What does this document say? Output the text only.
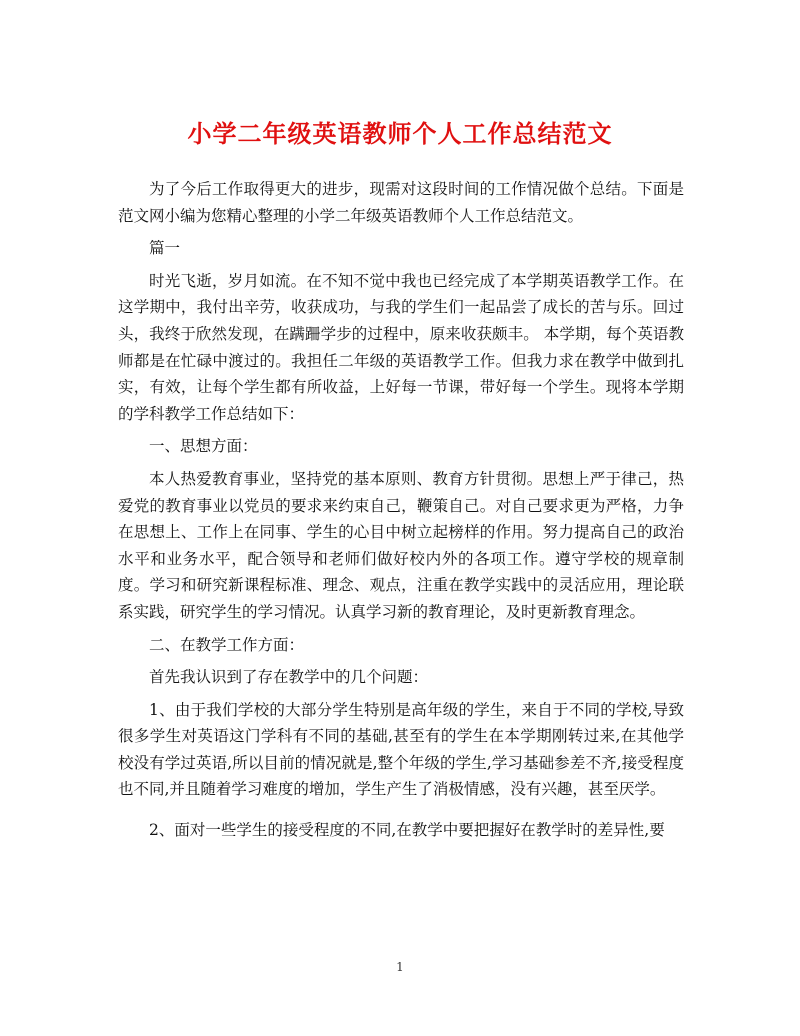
小学二年级英语教师个人工作总结范文

为了今后工作取得更大的进步，现需对这段时间的工作情况做个总结。下面是范文网小编为您精心整理的小学二年级英语教师个人工作总结范文。

篇一

时光飞逝，岁月如流。在不知不觉中我也已经完成了本学期英语教学工作。在这学期中，我付出辛劳，收获成功，与我的学生们一起品尝了成长的苦与乐。回过头，我终于欣然发现，在蹒跚学步的过程中，原来收获颇丰。 本学期，每个英语教师都是在忙碌中渡过的。我担任二年级的英语教学工作。但我力求在教学中做到扎实，有效，让每个学生都有所收益，上好每一节课，带好每一个学生。现将本学期的学科教学工作总结如下：

一、思想方面：

本人热爱教育事业，坚持党的基本原则、教育方针贯彻。思想上严于律己，热爱党的教育事业以党员的要求来约束自己，鞭策自己。对自己要求更为严格，力争在思想上、工作上在同事、学生的心目中树立起榜样的作用。努力提高自己的政治水平和业务水平，配合领导和老师们做好校内外的各项工作。遵守学校的规章制度。学习和研究新课程标准、理念、观点，注重在教学实践中的灵活应用，理论联系实践，研究学生的学习情况。认真学习新的教育理论，及时更新教育理念。

二、在教学工作方面：

首先我认识到了存在教学中的几个问题：

1、由于我们学校的大部分学生特别是高年级的学生，来自于不同的学校,导致很多学生对英语这门学科有不同的基础,甚至有的学生在本学期刚转过来,在其他学校没有学过英语,所以目前的情况就是,整个年级的学生,学习基础参差不齐,接受程度也不同,并且随着学习难度的增加，学生产生了消极情感，没有兴趣，甚至厌学。

2、面对一些学生的接受程度的不同,在教学中要把握好在教学时的差异性,要

1
